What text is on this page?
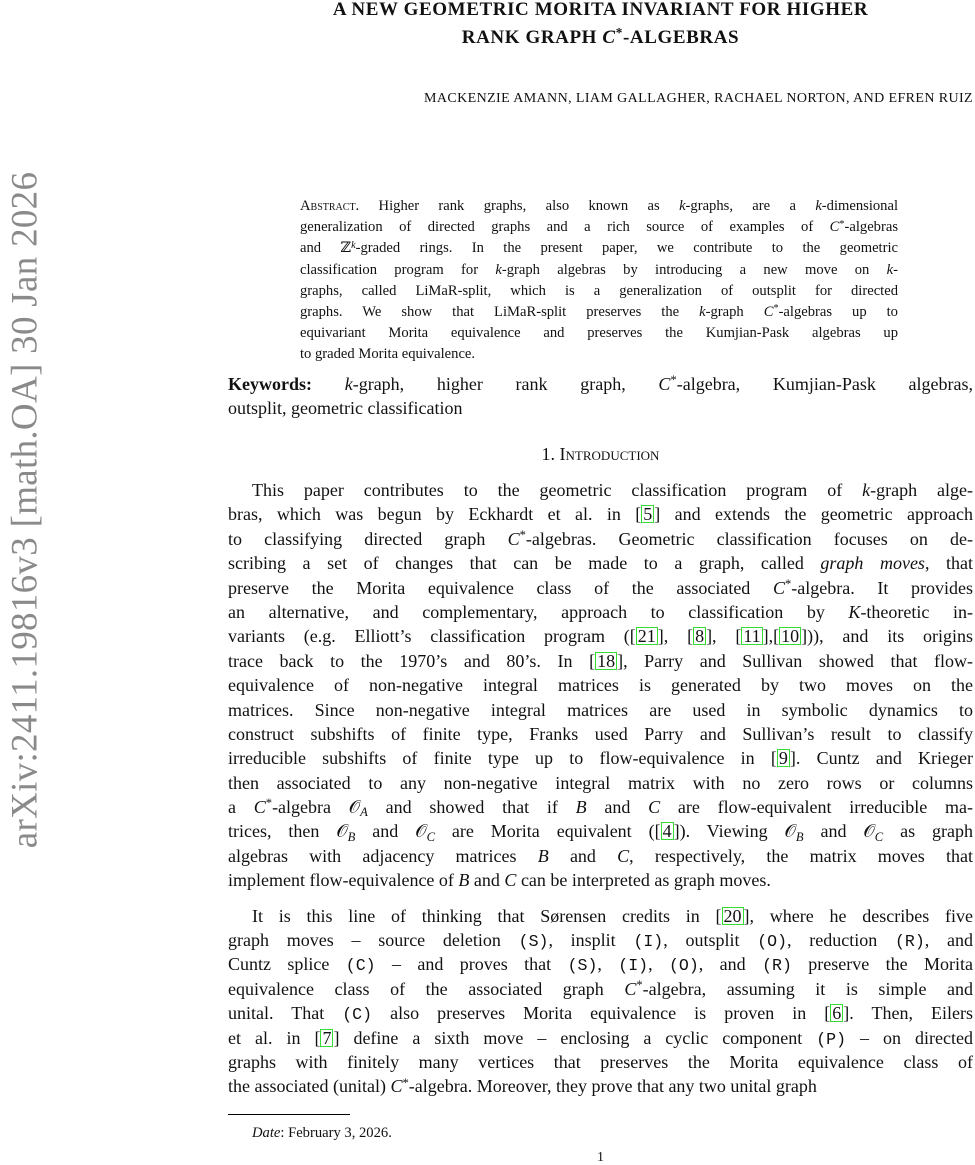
arXiv:2411.19816v3 [math.OA] 30 Jan 2026
A NEW GEOMETRIC MORITA INVARIANT FOR HIGHER
RANK GRAPH C*-ALGEBRAS
MACKENZIE AMANN, LIAM GALLAGHER, RACHAEL NORTON, AND EFREN RUIZ
Abstract. Higher rank graphs, also known as k-graphs, are a k-dimensional
generalization of directed graphs and a rich source of examples of C*-algebras
and ℤ$^k$-graded rings. In the present paper, we contribute to the geometric
classification program for k-graph algebras by introducing a new move on k-
graphs, called LiMaR-split, which is a generalization of outsplit for directed
graphs. We show that LiMaR-split preserves the k-graph C*-algebras up to
equivariant Morita equivalence and preserves the Kumjian-Pask algebras up
to graded Morita equivalence.
Keywords: k-graph, higher rank graph, C*-algebra, Kumjian-Pask algebras,
outsplit, geometric classification
1. Introduction
This paper contributes to the geometric classification program of k-graph alge-
bras, which was begun by Eckhardt et al. in [ 5 ] and extends the geometric approach
to classifying directed graph C*-algebras. Geometric classification focuses on de-
scribing a set of changes that can be made to a graph, called graph moves, that
preserve the Morita equivalence class of the associated C*-algebra. It provides
an alternative, and complementary, approach to classification by K-theoretic in-
variants (e.g. Elliott’s classification program ([ 21 ], [ 8 ], [ 11 ],[ 10 ])), and its origins
trace back to the 1970’s and 80’s. In [ 18 ], Parry and Sullivan showed that flow-
equivalence of non-negative integral matrices is generated by two moves on the
matrices. Since non-negative integral matrices are used in symbolic dynamics to
construct subshifts of finite type, Franks used Parry and Sullivan’s result to classify
irreducible subshifts of finite type up to flow-equivalence in [ 9 ]. Cuntz and Krieger
then associated to any non-negative integral matrix with no zero rows or columns
a C*-algebra 𝒪$_A$ and showed that if B and C are flow-equivalent irreducible ma-
trices, then 𝒪$_B$ and 𝒪$_C$ are Morita equivalent ([ 4 ]). Viewing 𝒪$_B$ and 𝒪$_C$ as graph
algebras with adjacency matrices B and C, respectively, the matrix moves that
implement flow-equivalence of B and C can be interpreted as graph moves.
It is this line of thinking that Sørensen credits in [ 20 ], where he describes five
graph moves – source deletion (S), insplit (I), outsplit (O), reduction (R), and
Cuntz splice (C) – and proves that (S), (I), (O), and (R) preserve the Morita
equivalence class of the associated graph C*-algebra, assuming it is simple and
unital. That (C) also preserves Morita equivalence is proven in [ 6 ]. Then, Eilers
et al. in [ 7 ] define a sixth move – enclosing a cyclic component (P) – on directed
graphs with finitely many vertices that preserves the Morita equivalence class of
the associated (unital) C*-algebra. Moreover, they prove that any two unital graph
Date: February 3, 2026.
1
